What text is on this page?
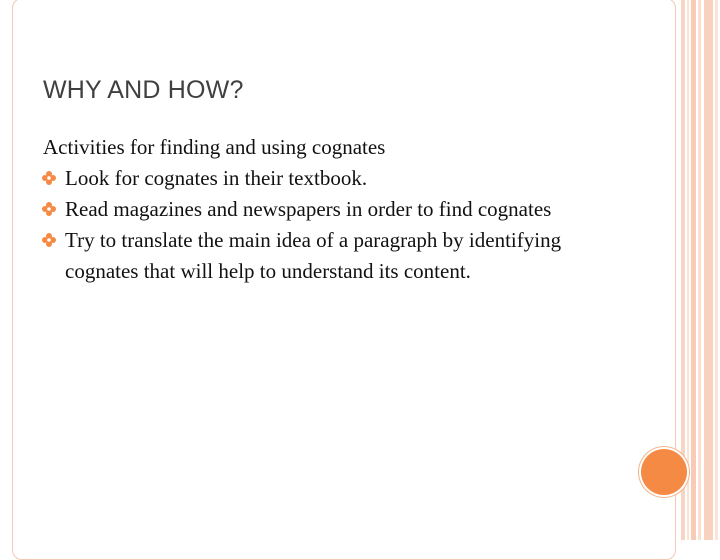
WHY AND HOW?

Activities for finding and using cognates

Look for cognates in their textbook.
Read magazines and newspapers in order to find cognates
Try to translate the main idea of a paragraph by identifying cognates that will help to understand its content.
